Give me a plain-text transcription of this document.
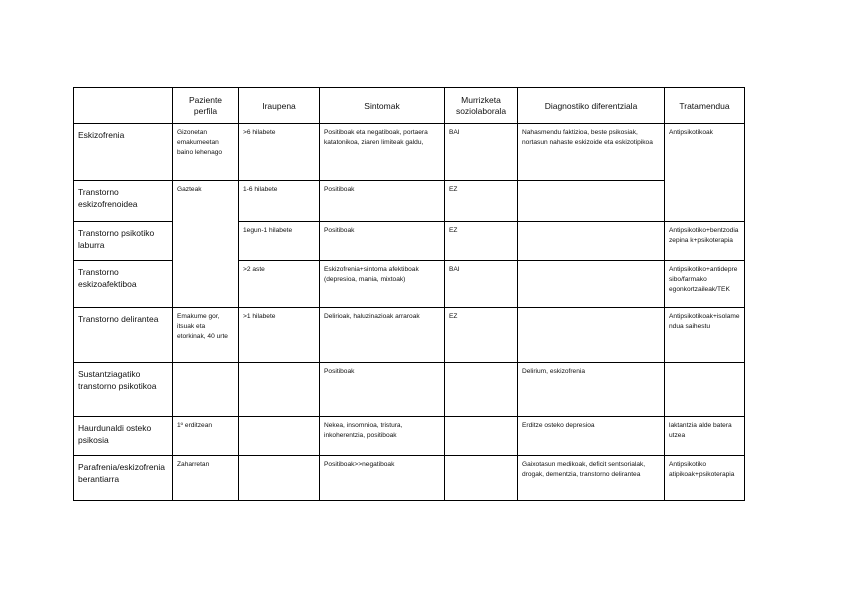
	Paziente perfila	Iraupena	Sintomak	Murrizketa soziolaborala	Diagnostiko diferentziala	Tratamendua
Eskizofrenia	Gizonetan emakumeetan baino lehenago	>6 hilabete	Positiboak eta negatiboak, portaera katatonikoa, ziaren limiteak galdu,	BAI	Nahasmendu faktizioa, beste psikosiak, nortasun nahaste eskizoide eta eskizotipikoa	Antipsikotikoak
Transtorno eskizofrenoidea	Gazteak	1-6 hilabete	Positiboak	EZ		
Transtorno psikotiko laburra		1egun-1 hilabete	Positiboak	EZ		Antipsikotiko+bentzodiazepina k+psikoterapia
Transtorno eskizoafektiboa		>2 aste	Eskizofrenia+sintoma afektiboak (depresioa, mania, mixtoak)	BAI		Antipsikotiko+antidepresibo/farmako egonkortzaileak/TEK
Transtorno delirantea	Emakume gor, itsuak eta etorkinak, 40 urte	>1 hilabete	Delirioak, haluzinazioak arraroak	EZ		Antipsikotikoak+isolamendua saihestu
Sustantziagatiko transtorno psikotikoa			Positiboak		Delirium, eskizofrenia	
Haurdunaldi osteko psikosia	1º erditzean		Nekea, insomnioa, tristura, inkoherentzia, positiboak		Erditze osteko depresioa	laktantzia alde batera utzea
Parafrenia/eskizofrenia berantiarra	Zaharretan		Positiboak>>negatiboak		Gaixotasun medikoak, deficit sentsorialak, drogak, dementzia, transtorno delirantea	Antipsikotiko atipikoak+psikoterapia
